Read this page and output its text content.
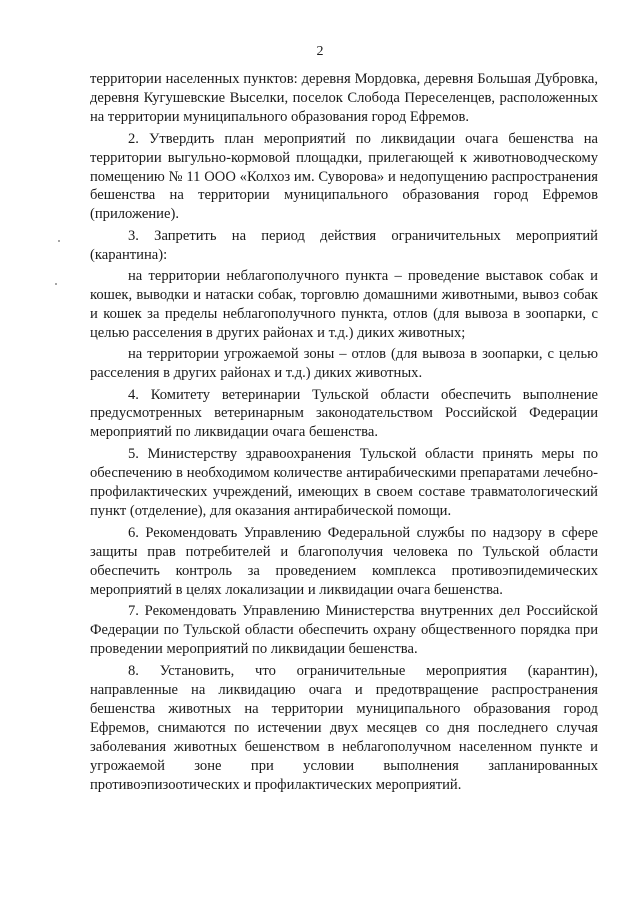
2

территории населенных пунктов: деревня Мордовка, деревня Большая Дубровка, деревня Кугушевские Выселки, поселок Слобода Переселенцев, расположенных на территории муниципального образования город Ефремов.

2. Утвердить план мероприятий по ликвидации очага бешенства на территории выгульно-кормовой площадки, прилегающей к животноводческому помещению № 11 ООО «Колхоз им. Суворова» и недопущению распространения бешенства на территории муниципального образования город Ефремов (приложение).

3. Запретить на период действия ограничительных мероприятий (карантина):

на территории неблагополучного пункта – проведение выставок собак и кошек, выводки и натаски собак, торговлю домашними животными, вывоз собак и кошек за пределы неблагополучного пункта, отлов (для вывоза в зоопарки, с целью расселения в других районах и т.д.) диких животных;

на территории угрожаемой зоны – отлов (для вывоза в зоопарки, с целью расселения в других районах и т.д.) диких животных.

4. Комитету ветеринарии Тульской области обеспечить выполнение предусмотренных ветеринарным законодательством Российской Федерации мероприятий по ликвидации очага бешенства.

5. Министерству здравоохранения Тульской области принять меры по обеспечению в необходимом количестве антирабическими препаратами лечебно-профилактических учреждений, имеющих в своем составе травматологический пункт (отделение), для оказания антирабической помощи.

6. Рекомендовать Управлению Федеральной службы по надзору в сфере защиты прав потребителей и благополучия человека по Тульской области обеспечить контроль за проведением комплекса противоэпидемических мероприятий в целях локализации и ликвидации очага бешенства.

7. Рекомендовать Управлению Министерства внутренних дел Российской Федерации по Тульской области обеспечить охрану общественного порядка при проведении мероприятий по ликвидации бешенства.

8. Установить, что ограничительные мероприятия (карантин), направленные на ликвидацию очага и предотвращение распространения бешенства животных на территории муниципального образования город Ефремов, снимаются по истечении двух месяцев со дня последнего случая заболевания животных бешенством в неблагополучном населенном пункте и угрожаемой зоне при условии выполнения запланированных противоэпизоотических и профилактических мероприятий.
